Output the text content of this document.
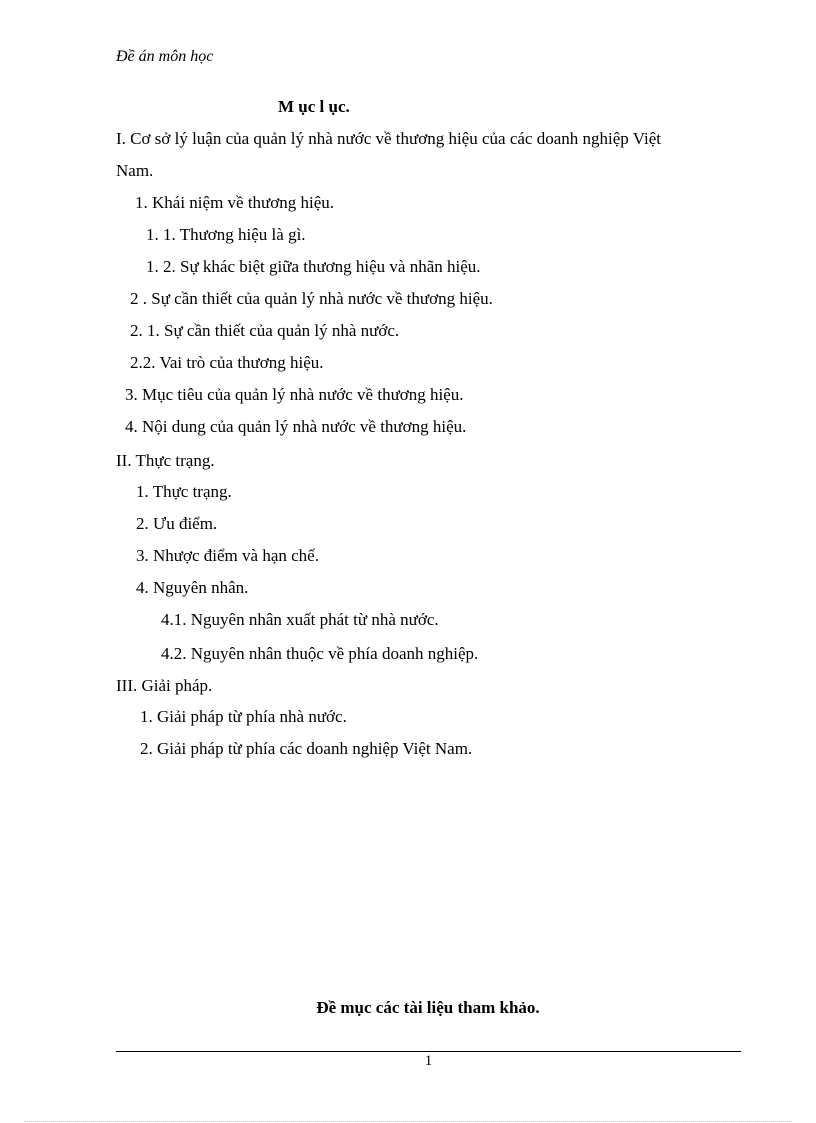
Đề án môn học
M ục l ục.
I. Cơ sở lý luận của quản lý nhà nước về thương hiệu của các doanh nghiệp Việt
Nam.
1. Khái niệm về thương hiệu.
1. 1. Thương hiệu là gì.
1. 2. Sự khác biệt giữa thương hiệu và nhãn hiệu.
2 . Sự cần thiết của quản lý nhà nước về thương hiệu.
2. 1. Sự cần thiết của quản lý nhà nước.
2.2. Vai trò của thương hiệu.
3. Mục tiêu của quản lý nhà nước về thương hiệu.
4. Nội dung của quản lý nhà nước về thương hiệu.
II. Thực trạng.
1. Thực trạng.
2. Ưu điểm.
3. Nhược điểm và hạn chế.
4. Nguyên nhân.
4.1. Nguyên nhân xuất phát từ nhà nước.
4.2. Nguyên nhân thuộc về phía doanh nghiệp.
III. Giải pháp.
1. Giải pháp từ phía nhà nước.
2. Giải pháp từ phía các doanh nghiệp Việt Nam.
Đề mục các tài liệu tham khảo.
1
